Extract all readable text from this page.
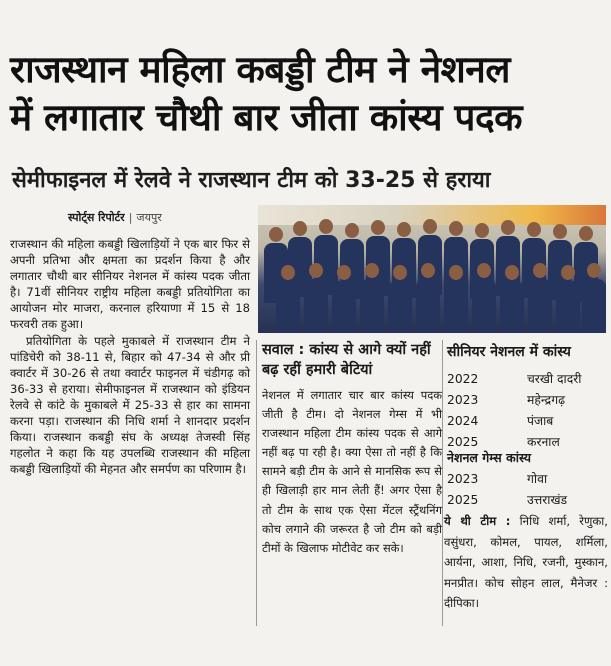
राजस्थान महिला कबड्डी टीम ने नेशनल
में लगातार चौथी बार जीता कांस्य पदक
सेमीफाइनल में रेलवे ने राजस्थान टीम को 33-25 से हराया
स्पोर्ट्स रिपोर्टर | जयपुर

राजस्थान की महिला कबड्डी खिलाड़ियों ने एक बार फिर से अपनी प्रतिभा और क्षमता का प्रदर्शन किया है और लगातार चौथी बार सीनियर नेशनल में कांस्य पदक जीता है। 71वीं सीनियर राष्ट्रीय महिला कबड्डी प्रतियोगिता का आयोजन मोर माजरा, करनाल हरियाणा में 15 से 18 फरवरी तक हुआ।

प्रतियोगिता के पहले मुकाबले में राजस्थान टीम ने पांडिचेरी को 38-11 से, बिहार को 47-34 से और प्री क्वार्टर में 30-26 से तथा क्वार्टर फाइनल में चंडीगढ़ को 36-33 से हराया। सेमीफाइनल में राजस्थान को इंडियन रेलवे से कांटे के मुकाबले में 25-33 से हार का सामना करना पड़ा। राजस्थान की निधि शर्मा ने शानदार प्रदर्शन किया। राजस्थान कबड्डी संघ के अध्यक्ष तेजस्वी सिंह गहलोत ने कहा कि यह उपलब्धि राजस्थान की महिला कबड्डी खिलाड़ियों की मेहनत और समर्पण का परिणाम है।

सवाल : कांस्य से आगे क्यों नहीं बढ़ रहीं हमारी बेटियां
नेशनल में लगातार चार बार कांस्य पदक जीती है टीम। दो नेशनल गेम्स में भी राजस्थान महिला टीम कांस्य पदक से आगे नहीं बढ़ पा रही है। क्या ऐसा तो नहीं है कि सामने बड़ी टीम के आने से मानसिक रूप से ही खिलाड़ी हार मान लेती हैं! अगर ऐसा है तो टीम के साथ एक ऐसा मेंटल स्ट्रैंथनिंग कोच लगाने की जरूरत है जो टीम को बड़ी टीमों के खिलाफ मोटीवेट कर सके।
सीनियर नेशनल में कांस्य
2022	चरखी दादरी
2023	महेन्द्रगढ़
2024	पंजाब
2025	करनाल
नेशनल गेम्स कांस्य
2023	गोवा
2025	उत्तराखंड
ये थी टीम : निधि शर्मा, रेणुका, वसुंधरा, कोमल, पायल, शर्मिला, आर्यना, आशा, निधि, रजनी, मुस्कान, मनप्रीत। कोच सोहन लाल, मैनेजर : दीपिका।
